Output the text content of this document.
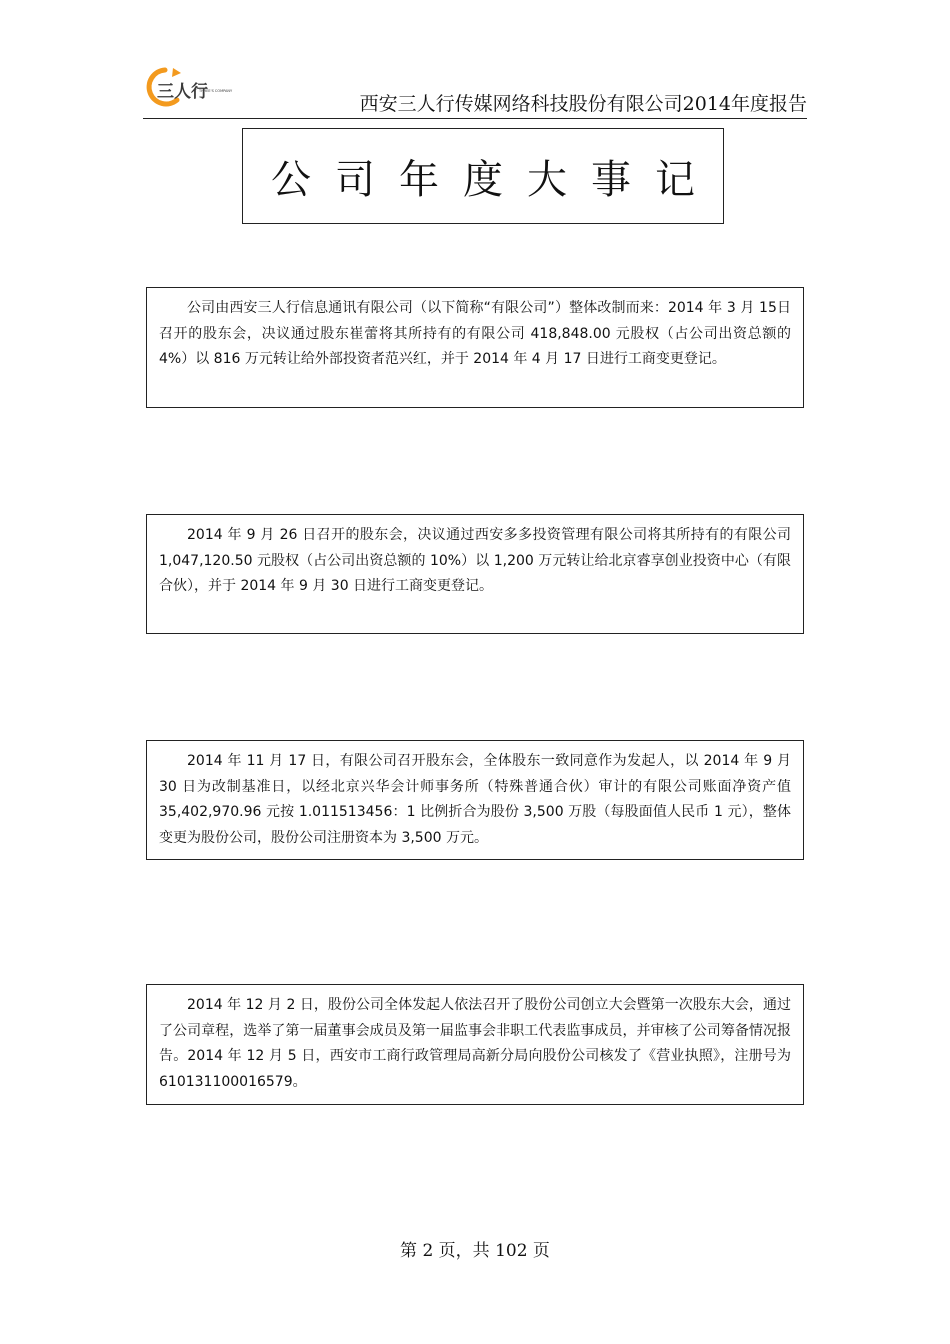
三人行
THREE'S COMPANY
西安三人行传媒网络科技股份有限公司2014年度报告
公司年度大事记

公司由西安三人行信息通讯有限公司（以下简称“有限公司”）整体改制而来：2014 年 3 月 15日召开的股东会，决议通过股东崔蕾将其所持有的有限公司 418,848.00 元股权（占公司出资总额的 4%）以 816 万元转让给外部投资者范兴红，并于 2014 年 4 月 17 日进行工商变更登记。

2014 年 9 月 26 日召开的股东会，决议通过西安多多投资管理有限公司将其所持有的有限公司 1,047,120.50 元股权（占公司出资总额的 10%）以 1,200 万元转让给北京睿享创业投资中心（有限合伙），并于 2014 年 9 月 30 日进行工商变更登记。

2014 年 11 月 17 日，有限公司召开股东会，全体股东一致同意作为发起人，以 2014 年 9 月 30 日为改制基准日，以经北京兴华会计师事务所（特殊普通合伙）审计的有限公司账面净资产值 35,402,970.96 元按 1.011513456：1 比例折合为股份 3,500 万股（每股面值人民币 1 元），整体变更为股份公司，股份公司注册资本为 3,500 万元。

2014 年 12 月 2 日，股份公司全体发起人依法召开了股份公司创立大会暨第一次股东大会，通过了公司章程，选举了第一届董事会成员及第一届监事会非职工代表监事成员，并审核了公司筹备情况报告。2014 年 12 月 5 日，西安市工商行政管理局高新分局向股份公司核发了《营业执照》，注册号为 610131100016579。

第 2 页，共 102 页
